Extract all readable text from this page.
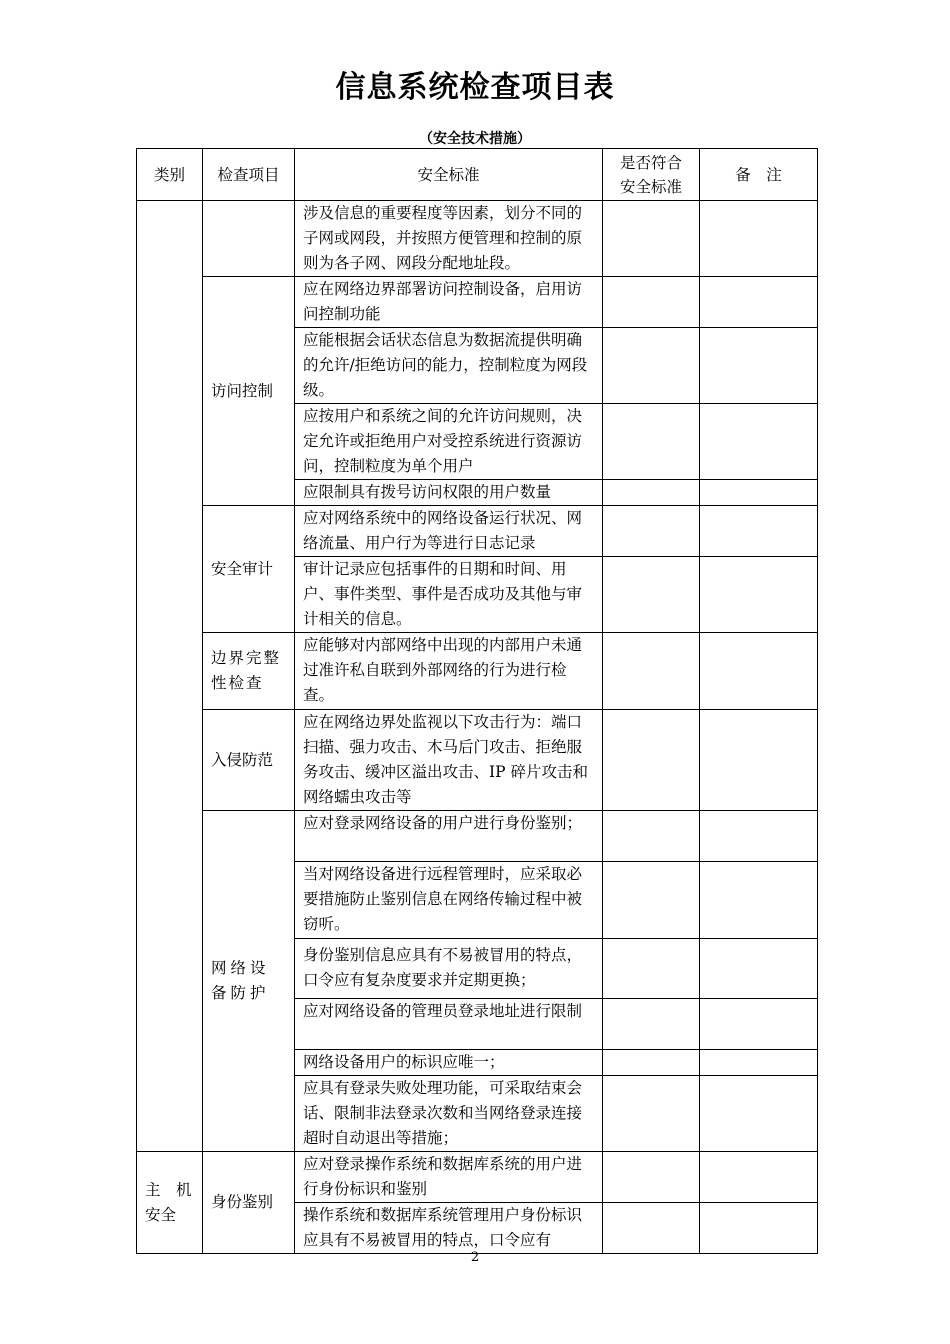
信息系统检查项目表
（安全技术措施）
类别	检查项目	安全标准	是否符合安全标准	备　注
		涉及信息的重要程度等因素，划分不同的子网或网段，并按照方便管理和控制的原则为各子网、网段分配地址段。		
	访问控制	应在网络边界部署访问控制设备，启用访问控制功能		
		应能根据会话状态信息为数据流提供明确的允许/拒绝访问的能力，控制粒度为网段级。		
		应按用户和系统之间的允许访问规则，决定允许或拒绝用户对受控系统进行资源访问，控制粒度为单个用户		
		应限制具有拨号访问权限的用户数量		
	安全审计	应对网络系统中的网络设备运行状况、网络流量、用户行为等进行日志记录		
		审计记录应包括事件的日期和时间、用户、事件类型、事件是否成功及其他与审计相关的信息。		
	边界完整性检查	应能够对内部网络中出现的内部用户未通过准许私自联到外部网络的行为进行检查。		
	入侵防范	应在网络边界处监视以下攻击行为：端口扫描、强力攻击、木马后门攻击、拒绝服务攻击、缓冲区溢出攻击、IP 碎片攻击和网络蠕虫攻击等		
	网络设备防护	应对登录网络设备的用户进行身份鉴别；		
		当对网络设备进行远程管理时，应采取必要措施防止鉴别信息在网络传输过程中被窃听。		
		身份鉴别信息应具有不易被冒用的特点，口令应有复杂度要求并定期更换；		
		应对网络设备的管理员登录地址进行限制		
		网络设备用户的标识应唯一；		
		应具有登录失败处理功能，可采取结束会话、限制非法登录次数和当网络登录连接超时自动退出等措施；		
主　机安全	身份鉴别	应对登录操作系统和数据库系统的用户进行身份标识和鉴别		
		操作系统和数据库系统管理用户身份标识应具有不易被冒用的特点，口令应有		
2
